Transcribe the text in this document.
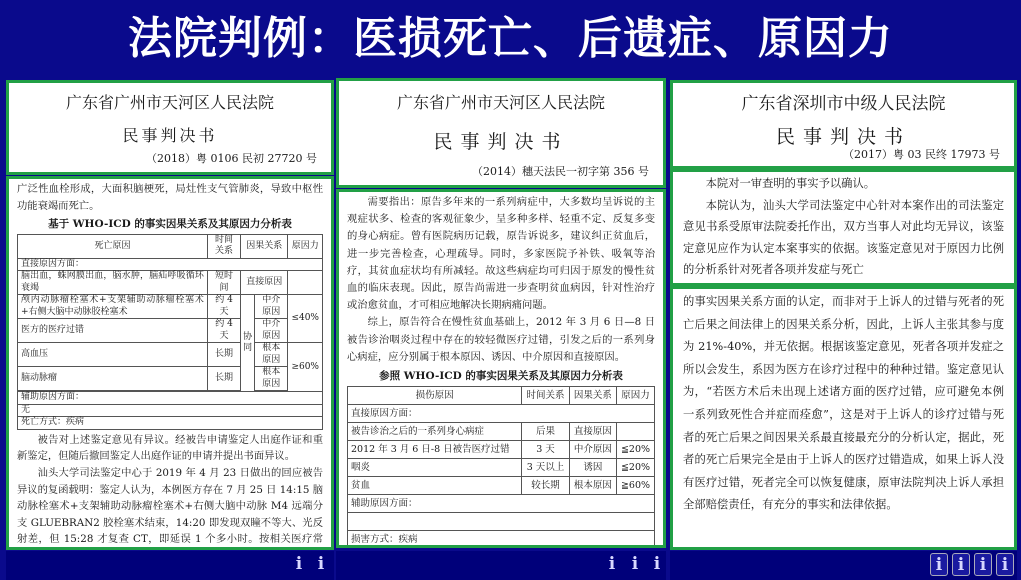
法院判例：医损死亡、后遗症、原因力
广东省广州市天河区人民法院
民事判决书
（2018）粤 0106 民初 27720 号

广泛性血栓形成，大面积脑梗死，局灶性支气管肺炎，导致中枢性功能衰竭而死亡。

基于 WHO-ICD 的事实因果关系及其原因力分析表
死亡原因	时间关系	因果关系		原因力
直接原因方面：				
脑出血，蛛网膜出血，脑水肿，脑疝呼吸循环衰竭	短时间	直接原因		
颅内动脉瘤栓塞术+支架辅助动脉瘤栓塞术+右侧大脑中动脉胶栓塞术	约 4 天	协同	中介原因	≤40%
医方的医疗过错	约 4 天		中介原因	
高血压	长期		根本原因	≥60%
脑动脉瘤	长期		根本原因	

辅助原因方面：				
无				
死亡方式：疾病				

被告对上述鉴定意见有异议。经被告申请鉴定人出庭作证和重新鉴定，但随后撤回鉴定人出庭作证的申请并提出书面异议。

汕头大学司法鉴定中心于 2019 年 4 月 23 日做出的回应被告异议的复函载明：鉴定人认为，本例医方存在 7 月 25 日 14:15 脑动脉栓塞术+支架辅助动脉瘤栓塞术+右侧大脑中动脉 M4 远端分支 GLUEBRAN2 胶栓塞术结束，14:20 即发现双瞳不等大、光反射差，但 15:28 才复查 CT，即延误 1 个多小时。按相关医疗常

广东省广州市天河区人民法院
民事判决书
（2014）穗天法民一初字第 356 号

需要指出：原告多年来的一系列病症中，大多数均呈诉说的主观症状多、检查的客观征象少，呈多种多样、轻重不定、反复多变的身心病症。曾有医院病历记载，原告诉说多，建议纠正贫血后，进一步完善检查，心理疏导。同时，多家医院予补铁、吸氧等治疗，其贫血症状均有所减轻。故这些病症均可归因于原发的慢性贫血的临床表现。因此，原告尚需进一步查明贫血病因，针对性治疗或治愈贫血，才可相应地解决长期病痛问题。

综上，原告符合在慢性贫血基础上，2012 年 3 月 6 日—8 日被告诊治咽炎过程中存在的较轻微医疗过错，引发之后的一系列身心病症，应分别属于根本原因、诱因、中介原因和直接原因。

参照 WHO-ICD 的事实因果关系及其原因力分析表
损伤原因	时间关系	因果关系	原因力
直接原因方面：			
被告诊治之后的一系列身心病症	后果	直接原因	
2012 年 3 月 6 日-8 日被告医疗过错	3 天	中介原因	≦20%
咽炎	3 天以上	诱因	≦20%
贫血	较长期	根本原因	≧60%
辅助原因方面：			

损害方式：疾病			
广东省深圳市中级人民法院
民事判决书
（2017）粤 03 民终 17973 号

本院对一审查明的事实予以确认。

本院认为，汕头大学司法鉴定中心针对本案作出的司法鉴定意见书系受原审法院委托作出，双方当事人对此均无异议，该鉴定意见应作为认定本案事实的依据。该鉴定意见对于原因力比例的分析系针对死者各项并发症与死亡

的事实因果关系方面的认定，而非对于上诉人的过错与死者的死亡后果之间法律上的因果关系分析，因此，上诉人主张其参与度为 21%-40%，并无依据。根据该鉴定意见，死者各项并发症之所以会发生，系因为医方在诊疗过程中的种种过错。鉴定意见认为，“若医方术后未出现上述诸方面的医疗过错，应可避免本例一系列致死性合并症而痊愈”，这是对于上诉人的诊疗过错与死者的死亡后果之间因果关系最直接最充分的分析认定，据此，死者的死亡后果完全是由于上诉人的医疗过错造成，如果上诉人没有医疗过错，死者完全可以恢复健康，原审法院判决上诉人承担全部赔偿责任，有充分的事实和法律依据。

i i	i i i	i i i i
